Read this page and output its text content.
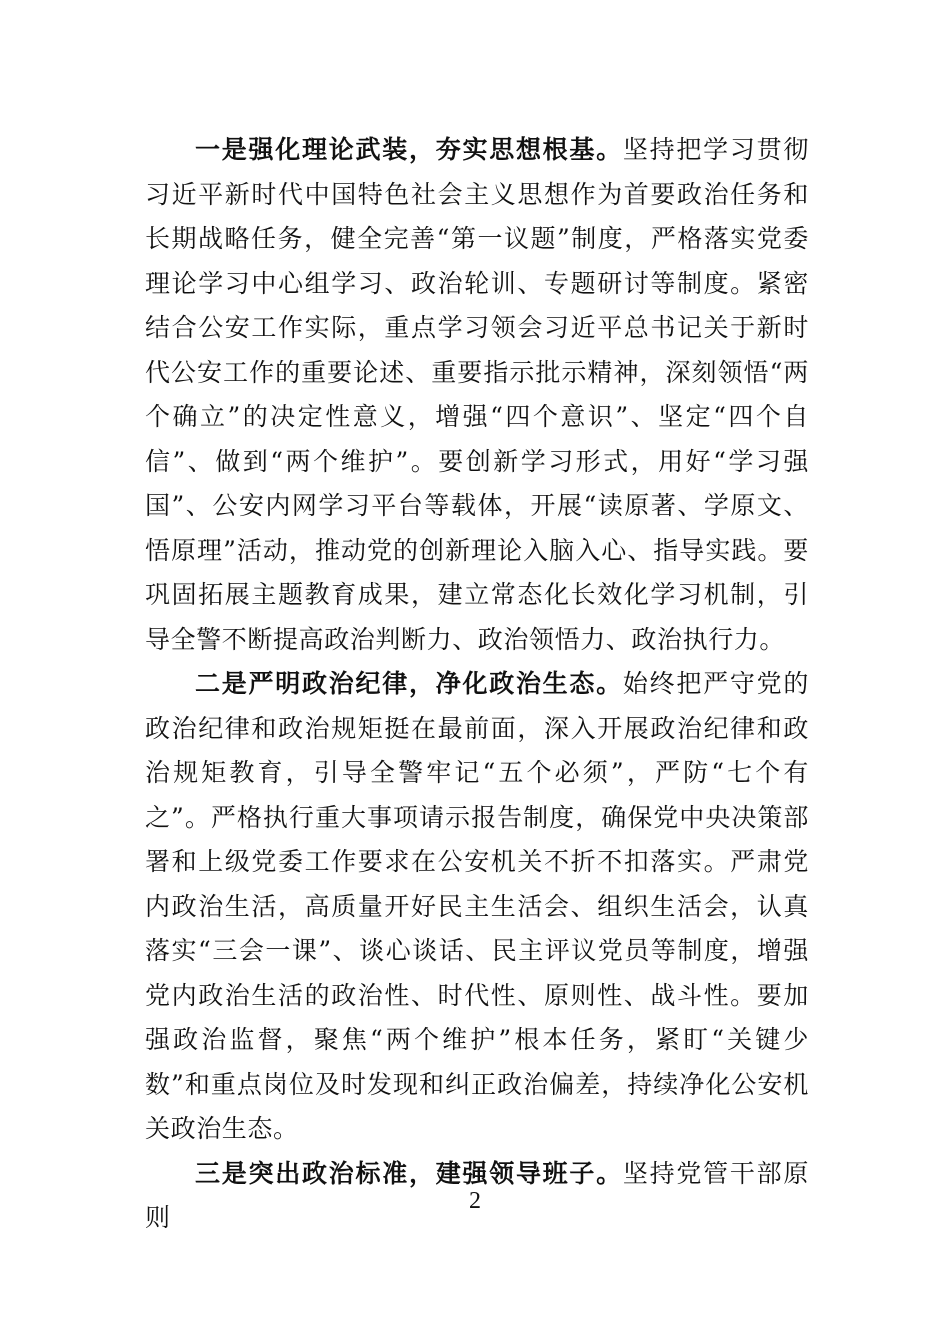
一是强化理论武装，夯实思想根基。坚持把学习贯彻习近平新时代中国特色社会主义思想作为首要政治任务和长期战略任务，健全完善“第一议题”制度，严格落实党委理论学习中心组学习、政治轮训、专题研讨等制度。紧密结合公安工作实际，重点学习领会习近平总书记关于新时代公安工作的重要论述、重要指示批示精神，深刻领悟“两个确立”的决定性意义，增强“四个意识”、坚定“四个自信”、做到“两个维护”。要创新学习形式，用好“学习强国”、公安内网学习平台等载体，开展“读原著、学原文、悟原理”活动，推动党的创新理论入脑入心、指导实践。要巩固拓展主题教育成果，建立常态化长效化学习机制，引导全警不断提高政治判断力、政治领悟力、政治执行力。

二是严明政治纪律，净化政治生态。始终把严守党的政治纪律和政治规矩挺在最前面，深入开展政治纪律和政治规矩教育，引导全警牢记“五个必须”，严防“七个有之”。严格执行重大事项请示报告制度，确保党中央决策部署和上级党委工作要求在公安机关不折不扣落实。严肃党内政治生活，高质量开好民主生活会、组织生活会，认真落实“三会一课”、谈心谈话、民主评议党员等制度，增强党内政治生活的政治性、时代性、原则性、战斗性。要加强政治监督，聚焦“两个维护”根本任务，紧盯“关键少数”和重点岗位及时发现和纠正政治偏差，持续净化公安机关政治生态。

三是突出政治标准，建强领导班子。坚持党管干部原则

2
